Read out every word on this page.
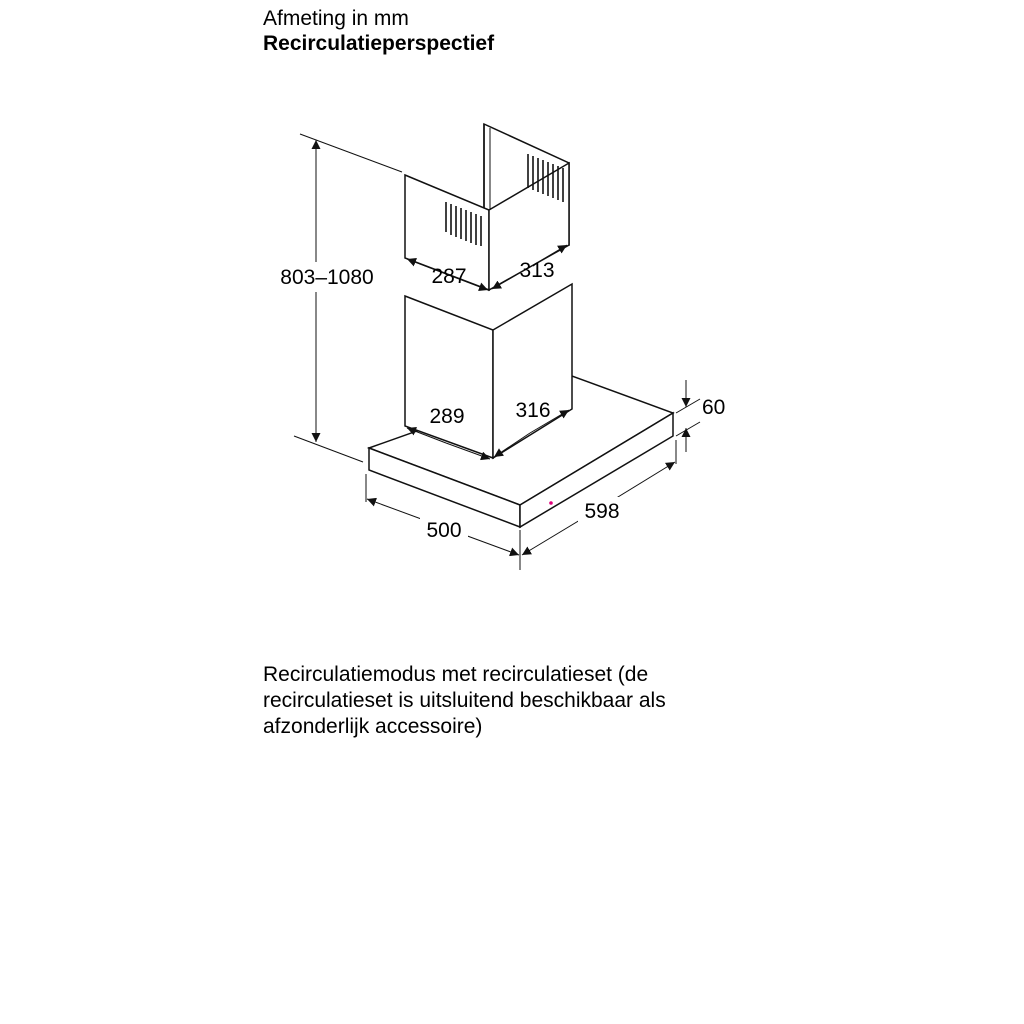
Afmeting in mm
Recirculatieperspectief
803–1080	287	313
289 316	60
500
598
Recirculatiemodus met recirculatieset (de
recirculatieset is uitsluitend beschikbaar als
afzonderlijk accessoire)
